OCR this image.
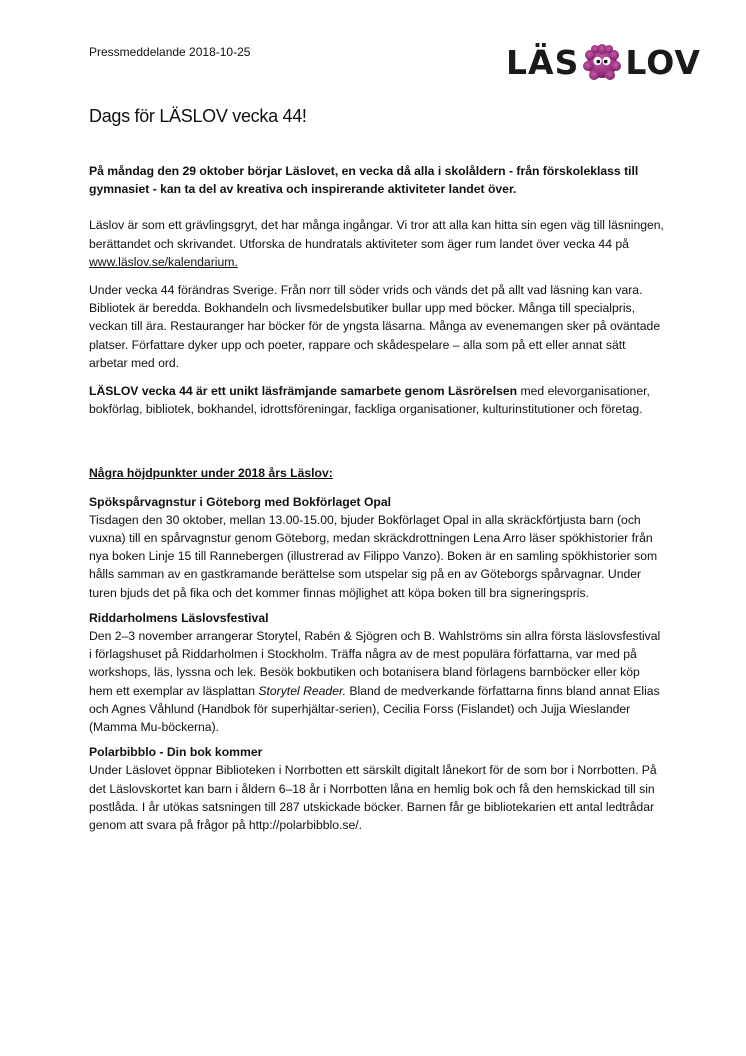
Pressmeddelande 2018-10-25	LÄS LOV
Dags för LÄSLOV vecka 44!

På måndag den 29 oktober börjar Läslovet, en vecka då alla i skolåldern - från förskoleklass till gymnasiet - kan ta del av kreativa och inspirerande aktiviteter landet över.

Läslov är som ett grävlingsgryt, det har många ingångar. Vi tror att alla kan hitta sin egen väg till läsningen, berättandet och skrivandet. Utforska de hundratals aktiviteter som äger rum landet över vecka 44 på www.läslov.se/kalendarium.

Under vecka 44 förändras Sverige. Från norr till söder vrids och vänds det på allt vad läsning kan vara. Bibliotek är beredda. Bokhandeln och livsmedelsbutiker bullar upp med böcker. Många till specialpris, veckan till ära. Restauranger har böcker för de yngsta läsarna. Många av evenemangen sker på oväntade platser. Författare dyker upp och poeter, rappare och skådespelare – alla som på ett eller annat sätt arbetar med ord.

LÄSLOV vecka 44 är ett unikt läsfrämjande samarbete genom Läsrörelsen med elevorganisationer, bokförlag, bibliotek, bokhandel, idrottsföreningar, fackliga organisationer, kulturinstitutioner och företag.

Några höjdpunkter under 2018 års Läslov:
Spökspårvagnstur i Göteborg med Bokförlaget Opal
Tisdagen den 30 oktober, mellan 13.00-15.00, bjuder Bokförlaget Opal in alla skräckförtjusta barn (och vuxna) till en spårvagnstur genom Göteborg, medan skräckdrottningen Lena Arro läser spökhistorier från nya boken Linje 15 till Rannebergen (illustrerad av Filippo Vanzo). Boken är en samling spökhistorier som hålls samman av en gastkramande berättelse som utspelar sig på en av Göteborgs spårvagnar. Under turen bjuds det på fika och det kommer finnas möjlighet att köpa boken till bra signeringspris.
Riddarholmens Läslovsfestival
Den 2–3 november arrangerar Storytel, Rabén & Sjögren och B. Wahlströms sin allra första läslovsfestival i förlagshuset på Riddarholmen i Stockholm. Träffa några av de mest populära författarna, var med på workshops, läs, lyssna och lek. Besök bokbutiken och botanisera bland förlagens barnböcker eller köp hem ett exemplar av läsplattan Storytel Reader. Bland de medverkande författarna finns bland annat Elias och Agnes Våhlund (Handbok för superhjältar-serien), Cecilia Forss (Fislandet) och Jujja Wieslander (Mamma Mu-böckerna).
Polarbibblo - Din bok kommer
Under Läslovet öppnar Biblioteken i Norrbotten ett särskilt digitalt lånekort för de som bor i Norrbotten. På det Läslovskortet kan barn i åldern 6–18 år i Norrbotten låna en hemlig bok och få den hemskickad till sin postlåda. I år utökas satsningen till 287 utskickade böcker. Barnen får ge bibliotekarien ett antal ledtrådar genom att svara på frågor på http://polarbibblo.se/.
